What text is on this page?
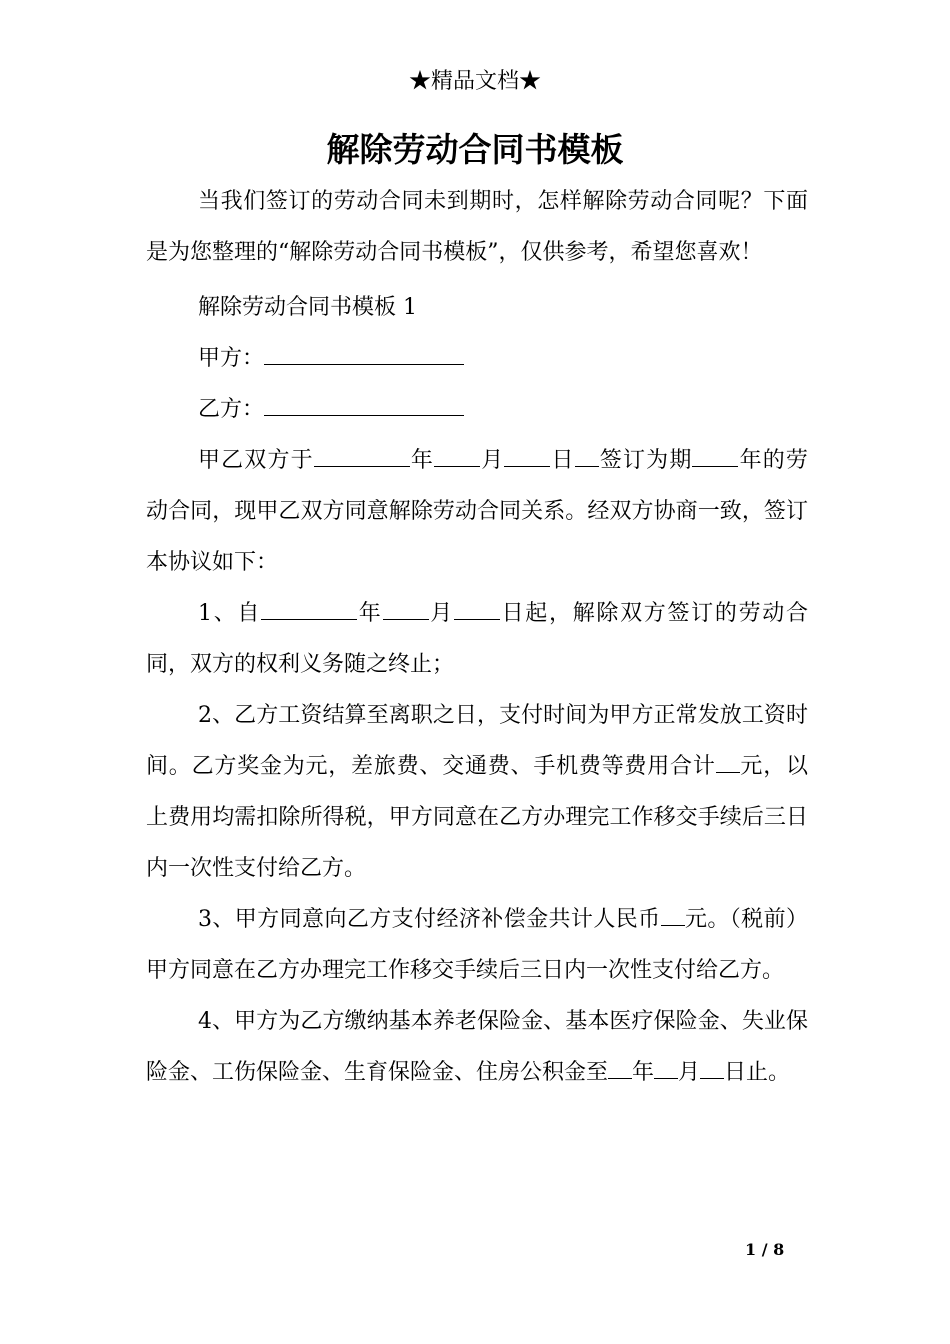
★精品文档★
解除劳动合同书模板

当我们签订的劳动合同未到期时，怎样解除劳动合同呢？下面是为您整理的“解除劳动合同书模板”，仅供参考，希望您喜欢！

解除劳动合同书模板 1

甲方：

乙方：

甲乙双方于	年 月 日 签订为期 年的劳动合同，现甲乙双方同意解除劳动合同关系。经双方协商一致，签订本协议如下：

1、自	年 月 日起，解除双方签订的劳动合同，双方的权利义务随之终止；

2、乙方工资结算至离职之日，支付时间为甲方正常发放工资时间。乙方奖金为元，差旅费、交通费、手机费等费用合计 元，以上费用均需扣除所得税，甲方同意在乙方办理完工作移交手续后三日内一次性支付给乙方。

3、甲方同意向乙方支付经济补偿金共计人民币 元。（税前）甲方同意在乙方办理完工作移交手续后三日内一次性支付给乙方。

4、甲方为乙方缴纳基本养老保险金、基本医疗保险金、失业保险金、工伤保险金、生育保险金、住房公积金至 年 月 日止。

1 / 8
